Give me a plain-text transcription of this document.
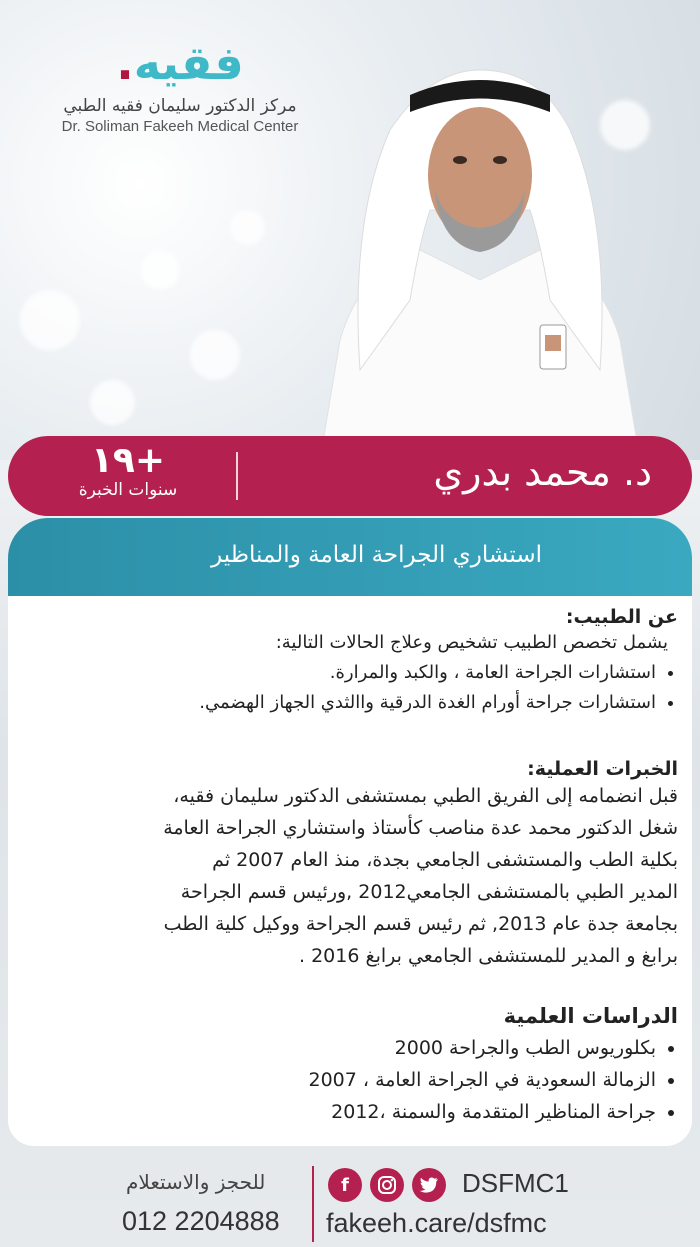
فقيه.
مركز الدكتور سليمان فقيه الطبي
Dr. Soliman Fakeeh Medical Center
+١٩
سنوات الخبرة	د. محمد بدري
استشاري الجراحة العامة والمناظير
عن الطبيب:
يشمل تخصص الطبيب تشخيص وعلاج الحالات التالية:
• استشارات الجراحة العامة ، والكبد والمرارة.
• استشارات جراحة أورام الغدة الدرقية واالثدي الجهاز الهضمي.
الخبرات العملية:
قبل انضمامه إلى الفريق الطبي بمستشفى الدكتور سليمان فقيه،
شغل الدكتور محمد عدة مناصب كأستاذ واستشاري الجراحة العامة
بكلية الطب والمستشفى الجامعي بجدة، منذ العام 2007 ثم
المدير الطبي بالمستشفى الجامعي2012 ,ورئيس قسم الجراحة
بجامعة جدة عام 2013, ثم رئيس قسم الجراحة ووكيل كلية الطب
برابغ و المدير للمستشفى الجامعي برابغ 2016 .
الدراسات العلمية
• بكلوريوس الطب والجراحة 2000
• الزمالة السعودية في الجراحة العامة ، 2007
• جراحة المناظير المتقدمة والسمنة ،2012
للحجز والاستعلام
012 2204888
f	DSFMC1
fakeeh.care/dsfmc
